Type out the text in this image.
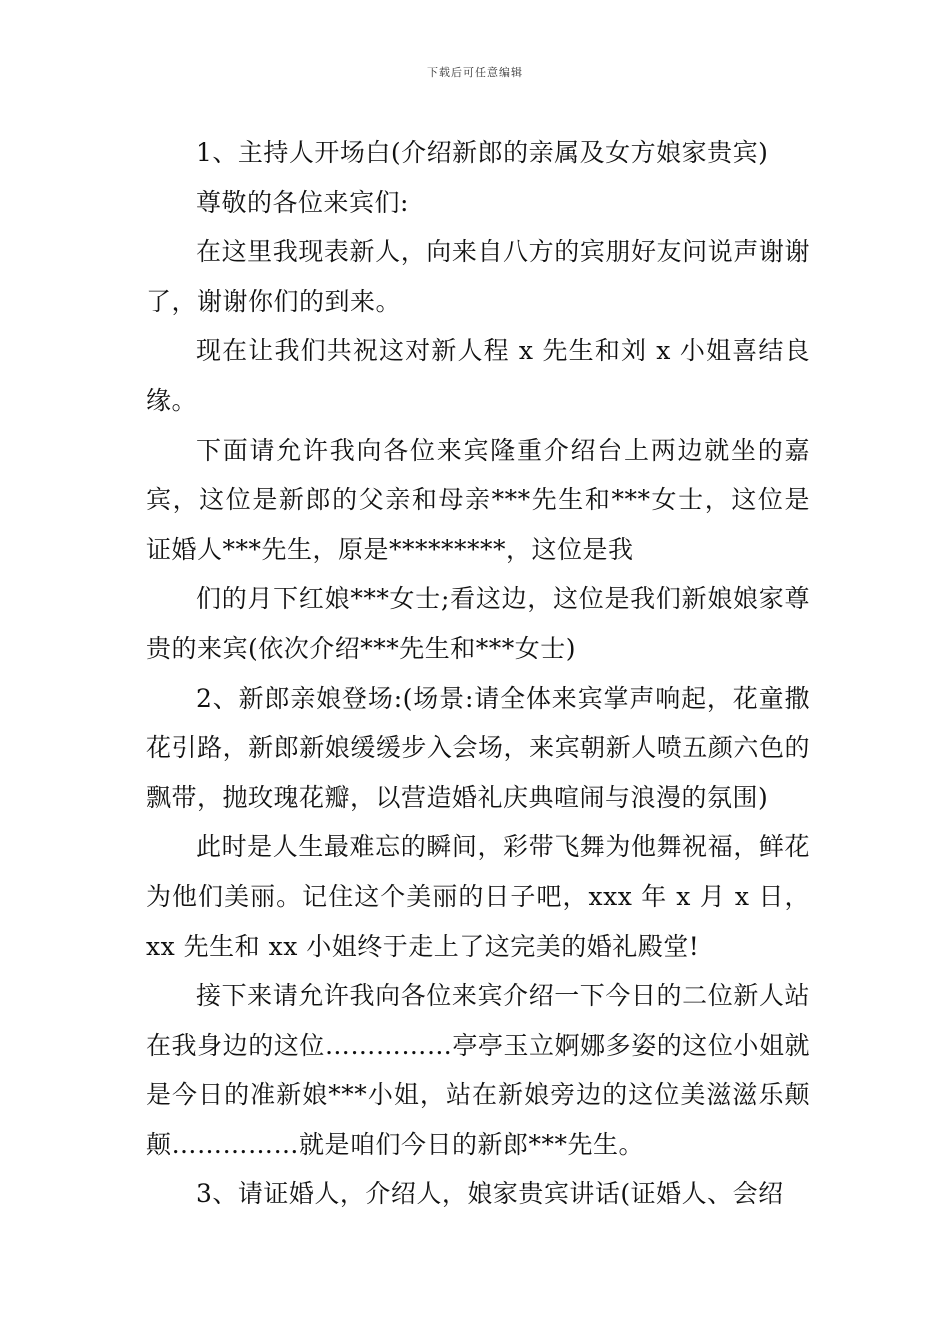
下载后可任意编辑

1、主持人开场白(介绍新郎的亲属及女方娘家贵宾)

尊敬的各位来宾们:

在这里我现表新人，向来自八方的宾朋好友问说声谢谢了，谢谢你们的到来。

现在让我们共祝这对新人程 x 先生和刘 x 小姐喜结良缘。

下面请允许我向各位来宾隆重介绍台上两边就坐的嘉宾，这位是新郎的父亲和母亲***先生和***女士，这位是证婚人***先生，原是*********，这位是我

们的月下红娘***女士;看这边，这位是我们新娘娘家尊贵的来宾(依次介绍***先生和***女士)

2、新郎亲娘登场:(场景:请全体来宾掌声响起，花童撒花引路，新郎新娘缓缓步入会场，来宾朝新人喷五颜六色的飘带，抛玫瑰花瓣，以营造婚礼庆典喧闹与浪漫的氛围)

此时是人生最难忘的瞬间，彩带飞舞为他舞祝福，鲜花为他们美丽。记住这个美丽的日子吧，xxx 年 x 月 x 日，xx 先生和 xx 小姐终于走上了这完美的婚礼殿堂!

接下来请允许我向各位来宾介绍一下今日的二位新人站在我身边的这位……………亭亭玉立婀娜多姿的这位小姐就是今日的准新娘***小姐，站在新娘旁边的这位美滋滋乐颠颠……………就是咱们今日的新郎***先生。

3、请证婚人，介绍人，娘家贵宾讲话(证婚人、会绍
